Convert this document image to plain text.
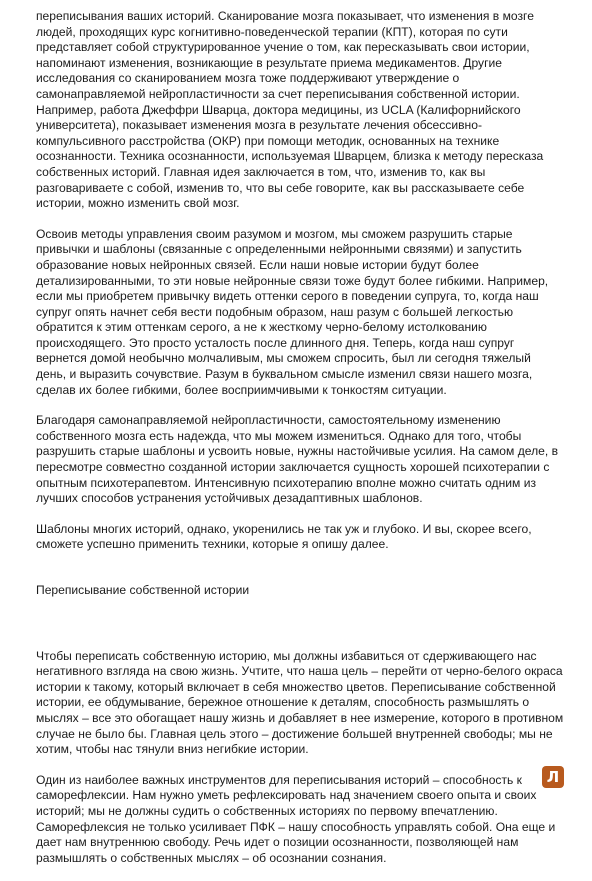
переписывания ваших историй. Сканирование мозга показывает, что изменения в мозге людей, проходящих курс когнитивно-поведенческой терапии (КПТ), которая по сути представляет собой структурированное учение о том, как пересказывать свои истории, напоминают изменения, возникающие в результате приема медикаментов. Другие исследования со сканированием мозга тоже поддерживают утверждение о самонаправляемой нейропластичности за счет переписывания собственной истории. Например, работа Джеффри Шварца, доктора медицины, из UCLA (Калифорнийского университета), показывает изменения мозга в результате лечения обсессивно-компульсивного расстройства (ОКР) при помощи методик, основанных на технике осознанности. Техника осознанности, используемая Шварцем, близка к методу пересказа собственных историй. Главная идея заключается в том, что, изменив то, как вы разговариваете с собой, изменив то, что вы себе говорите, как вы рассказываете себе истории, можно изменить свой мозг.

Освоив методы управления своим разумом и мозгом, мы сможем разрушить старые привычки и шаблоны (связанные с определенными нейронными связями) и запустить образование новых нейронных связей. Если наши новые истории будут более детализированными, то эти новые нейронные связи тоже будут более гибкими. Например, если мы приобретем привычку видеть оттенки серого в поведении супруга, то, когда наш супруг опять начнет себя вести подобным образом, наш разум с большей легкостью обратится к этим оттенкам серого, а не к жесткому черно-белому истолкованию происходящего. Это просто усталость после длинного дня. Теперь, когда наш супруг вернется домой необычно молчаливым, мы сможем спросить, был ли сегодня тяжелый день, и выразить сочувствие. Разум в буквальном смысле изменил связи нашего мозга, сделав их более гибкими, более восприимчивыми к тонкостям ситуации.

Благодаря самонаправляемой нейропластичности, самостоятельному изменению собственного мозга есть надежда, что мы можем измениться. Однако для того, чтобы разрушить старые шаблоны и усвоить новые, нужны настойчивые усилия. На самом деле, в пересмотре совместно созданной истории заключается сущность хорошей психотерапии с опытным психотерапевтом. Интенсивную психотерапию вполне можно считать одним из лучших способов устранения устойчивых дезадаптивных шаблонов.

Шаблоны многих историй, однако, укоренились не так уж и глубоко. И вы, скорее всего, сможете успешно применить техники, которые я опишу далее.

Переписывание собственной истории

Чтобы переписать собственную историю, мы должны избавиться от сдерживающего нас негативного взгляда на свою жизнь. Учтите, что наша цель – перейти от черно-белого окраса истории к такому, который включает в себя множество цветов. Переписывание собственной истории, ее обдумывание, бережное отношение к деталям, способность размышлять о мыслях – все это обогащает нашу жизнь и добавляет в нее измерение, которого в противном случае не было бы. Главная цель этого – достижение большей внутренней свободы; мы не хотим, чтобы нас тянули вниз негибкие истории.

Один из наиболее важных инструментов для переписывания историй – способность к саморефлексии. Нам нужно уметь рефлексировать над значением своего опыта и своих историй; мы не должны судить о собственных историях по первому впечатлению. Саморефлексия не только усиливает ПФК – нашу способность управлять собой. Она еще и дает нам внутреннюю свободу. Речь идет о позиции осознанности, позволяющей нам размышлять о собственных мыслях – об осознании сознания.

Л
